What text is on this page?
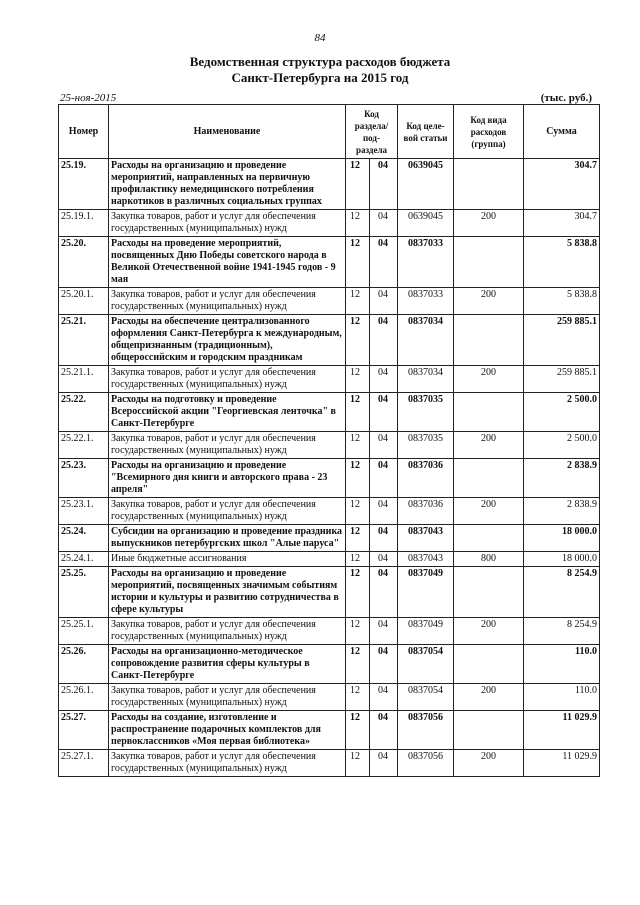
84
Ведомственная структура расходов бюджета
Санкт-Петербурга на 2015 год
25-ноя-2015	(тыс. руб.)
Номер	Наименование	Код раздела/ под- раздела		Код целе- вой статьи	Код вида расходов (группа)	Сумма
25.19.	Расходы на организацию и проведение мероприятий, направленных на первичную профилактику немедицинского потребления наркотиков в различных социальных группах	12	04	0639045		304.7
25.19.1.	Закупка товаров, работ и услуг для обеспечения государственных (муниципальных) нужд	12	04	0639045	200	304.7
25.20.	Расходы на проведение мероприятий, посвященных Дню Победы советского народа в Великой Отечественной войне 1941-1945 годов - 9 мая	12	04	0837033		5 838.8
25.20.1.	Закупка товаров, работ и услуг для обеспечения государственных (муниципальных) нужд	12	04	0837033	200	5 838.8
25.21.	Расходы на обеспечение централизованного оформления Санкт-Петербурга к международным, общепризнанным (традиционным), общероссийским и городским праздникам	12	04	0837034		259 885.1
25.21.1.	Закупка товаров, работ и услуг для обеспечения государственных (муниципальных) нужд	12	04	0837034	200	259 885.1
25.22.	Расходы на подготовку и проведение Всероссийской акции "Георгиевская ленточка" в Санкт-Петербурге	12	04	0837035		2 500.0
25.22.1.	Закупка товаров, работ и услуг для обеспечения государственных (муниципальных) нужд	12	04	0837035	200	2 500.0
25.23.	Расходы на организацию и проведение "Всемирного дня книги и авторского права - 23 апреля"	12	04	0837036		2 838.9
25.23.1.	Закупка товаров, работ и услуг для обеспечения государственных (муниципальных) нужд	12	04	0837036	200	2 838.9
25.24.	Субсидии на организацию и проведение праздника выпускников петербургских школ "Алые паруса"	12	04	0837043		18 000.0
25.24.1.	Иные бюджетные ассигнования	12	04	0837043	800	18 000.0
25.25.	Расходы на организацию и проведение мероприятий, посвященных значимым событиям истории и культуры и развитию сотрудничества в сфере культуры	12	04	0837049		8 254.9
25.25.1.	Закупка товаров, работ и услуг для обеспечения государственных (муниципальных) нужд	12	04	0837049	200	8 254.9
25.26.	Расходы на организационно-методическое сопровождение развития сферы культуры в Санкт-Петербурге	12	04	0837054		110.0
25.26.1.	Закупка товаров, работ и услуг для обеспечения государственных (муниципальных) нужд	12	04	0837054	200	110.0
25.27.	Расходы на создание, изготовление и распространение подарочных комплектов для первоклассников «Моя первая библиотека»	12	04	0837056		11 029.9
25.27.1.	Закупка товаров, работ и услуг для обеспечения государственных (муниципальных) нужд	12	04	0837056	200	11 029.9
